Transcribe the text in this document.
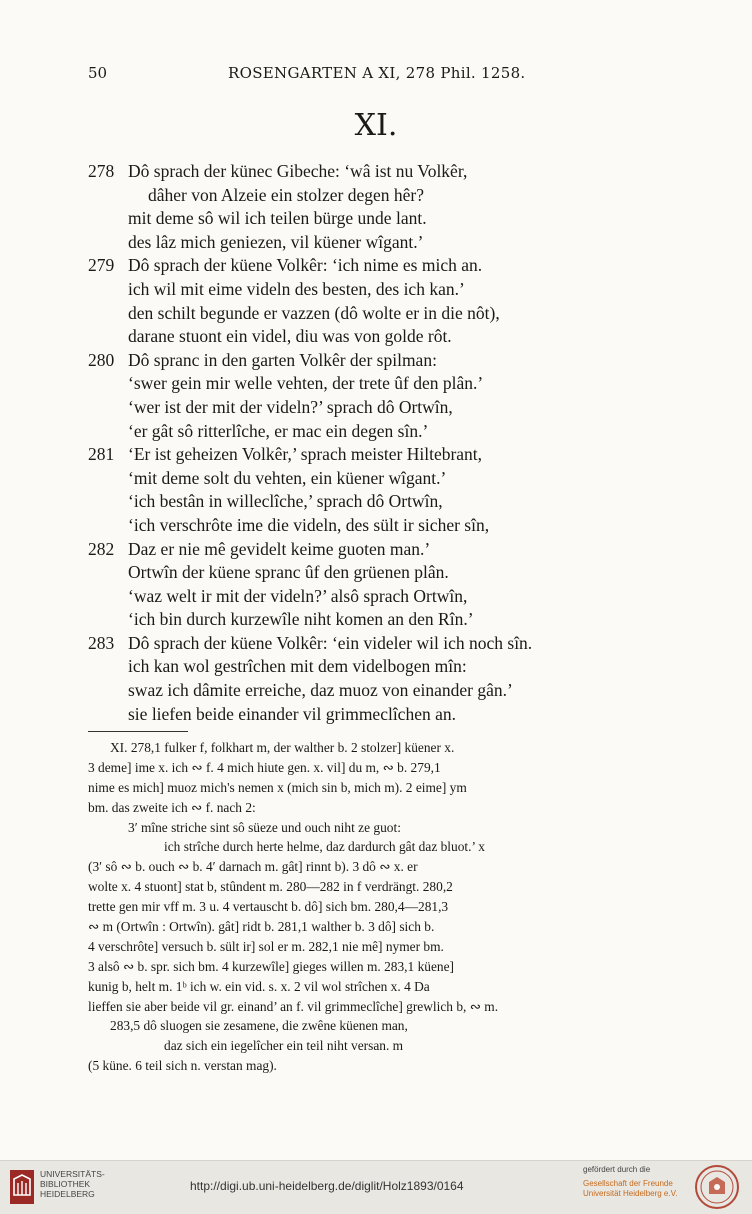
50	ROSENGARTEN A XI, 278 Phil. 1258.
XI.
278 Dô sprach der künec Gibeche: ‘wâ ist nu Volkêr,
dâher von Alzeie ein stolzer degen hêr?
mit deme sô wil ich teilen bürge unde lant.
des lâz mich geniezen, vil küener wîgant.’
279 Dô sprach der küene Volkêr: ‘ich nime es mich an.
ich wil mit eime videln des besten, des ich kan.’
den schilt begunde er vazzen (dô wolte er in die nôt),
darane stuont ein videl, diu was von golde rôt.
280 Dô spranc in den garten Volkêr der spilman:
‘swer gein mir welle vehten, der trete ûf den plân.’
‘wer ist der mit der videln?’ sprach dô Ortwîn,
‘er gât sô ritterlîche, er mac ein degen sîn.’
281 ‘Er ist geheizen Volkêr,’ sprach meister Hiltebrant,
‘mit deme solt du vehten, ein küener wîgant.’
‘ich bestân in willeclîche,’ sprach dô Ortwîn,
‘ich verschrôte ime die videln, des sült ir sicher sîn,
282 Daz er nie mê gevidelt keime guoten man.’
Ortwîn der küene spranc ûf den grüenen plân.
‘waz welt ir mit der videln?’ alsô sprach Ortwîn,
‘ich bin durch kurzewîle niht komen an den Rîn.’
283 Dô sprach der küene Volkêr: ‘ein videler wil ich noch sîn.
ich kan wol gestrîchen mit dem videlbogen mîn:
swaz ich dâmite erreiche, daz muoz von einander gân.’
sie liefen beide einander vil grimmeclîchen an.
XI. 278,1 fulker f, folkhart m, der walther b. 2 stolzer] küener x.
3 deme] ime x. ich ∾ f. 4 mich hiute gen. x. vil] du m, ∾ b. 279,1
nime es mich] muoz mich's nemen x (mich sin b, mich m). 2 eime] ym
bm. das zweite ich ∾ f. nach 2:
3′ mîne striche sint sô süeze und ouch niht ze guot:
ich strîche durch herte helme, daz dardurch gât daz bluot.’ x
(3′ sô ∾ b. ouch ∾ b. 4′ darnach m. gât] rinnt b). 3 dô ∾ x. er
wolte x. 4 stuont] stat b, stûndent m. 280—282 in f verdrängt. 280,2
trette gen mir vff m. 3 u. 4 vertauscht b. dô] sich bm. 280,4—281,3
∾ m (Ortwîn : Ortwîn). gât] ridt b. 281,1 walther b. 3 dô] sich b.
4 verschrôte] versuch b. sült ir] sol er m. 282,1 nie mê] nymer bm.
3 alsô ∾ b. spr. sich bm. 4 kurzewîle] gieges willen m. 283,1 küene]
kunig b, helt m. 1ᵇ ich w. ein vid. s. x. 2 vil wol strîchen x. 4 Da
lieffen sie aber beide vil gr. einand’ an f. vil grimmeclîche] grewlich b, ∾ m.
283,5 dô sluogen sie zesamene, die zwêne küenen man,
daz sich ein iegelîcher ein teil niht versan. m
(5 küne. 6 teil sich n. verstan mag).
UNIVERSITÄTS-
BIBLIOTHEK
HEIDELBERG
http://digi.ub.uni-heidelberg.de/diglit/Holz1893/0164
gefördert durch die
Gesellschaft der Freunde
Universität Heidelberg e.V.
